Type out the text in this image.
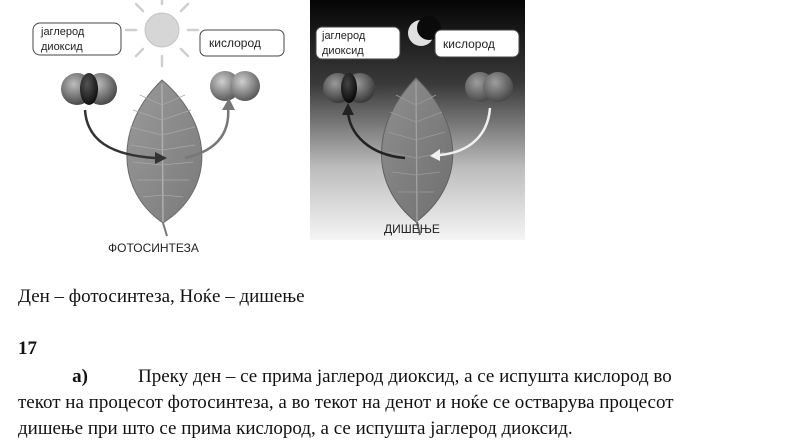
јаглерод
диоксид	кислород
ФОТОСИНТЕЗА
јаглерод
диоксид	кислород
ДИШЕЊЕ
Ден – фотосинтеза, Ноќе – дишење
17
а)	Преку ден – се прима јаглерод диоксид, а се испушта кислород во
текот на процесот фотосинтеза, а во текот на денот и ноќе се остварува процесот
дишење при што се прима кислород, а се испушта јаглерод диоксид.
